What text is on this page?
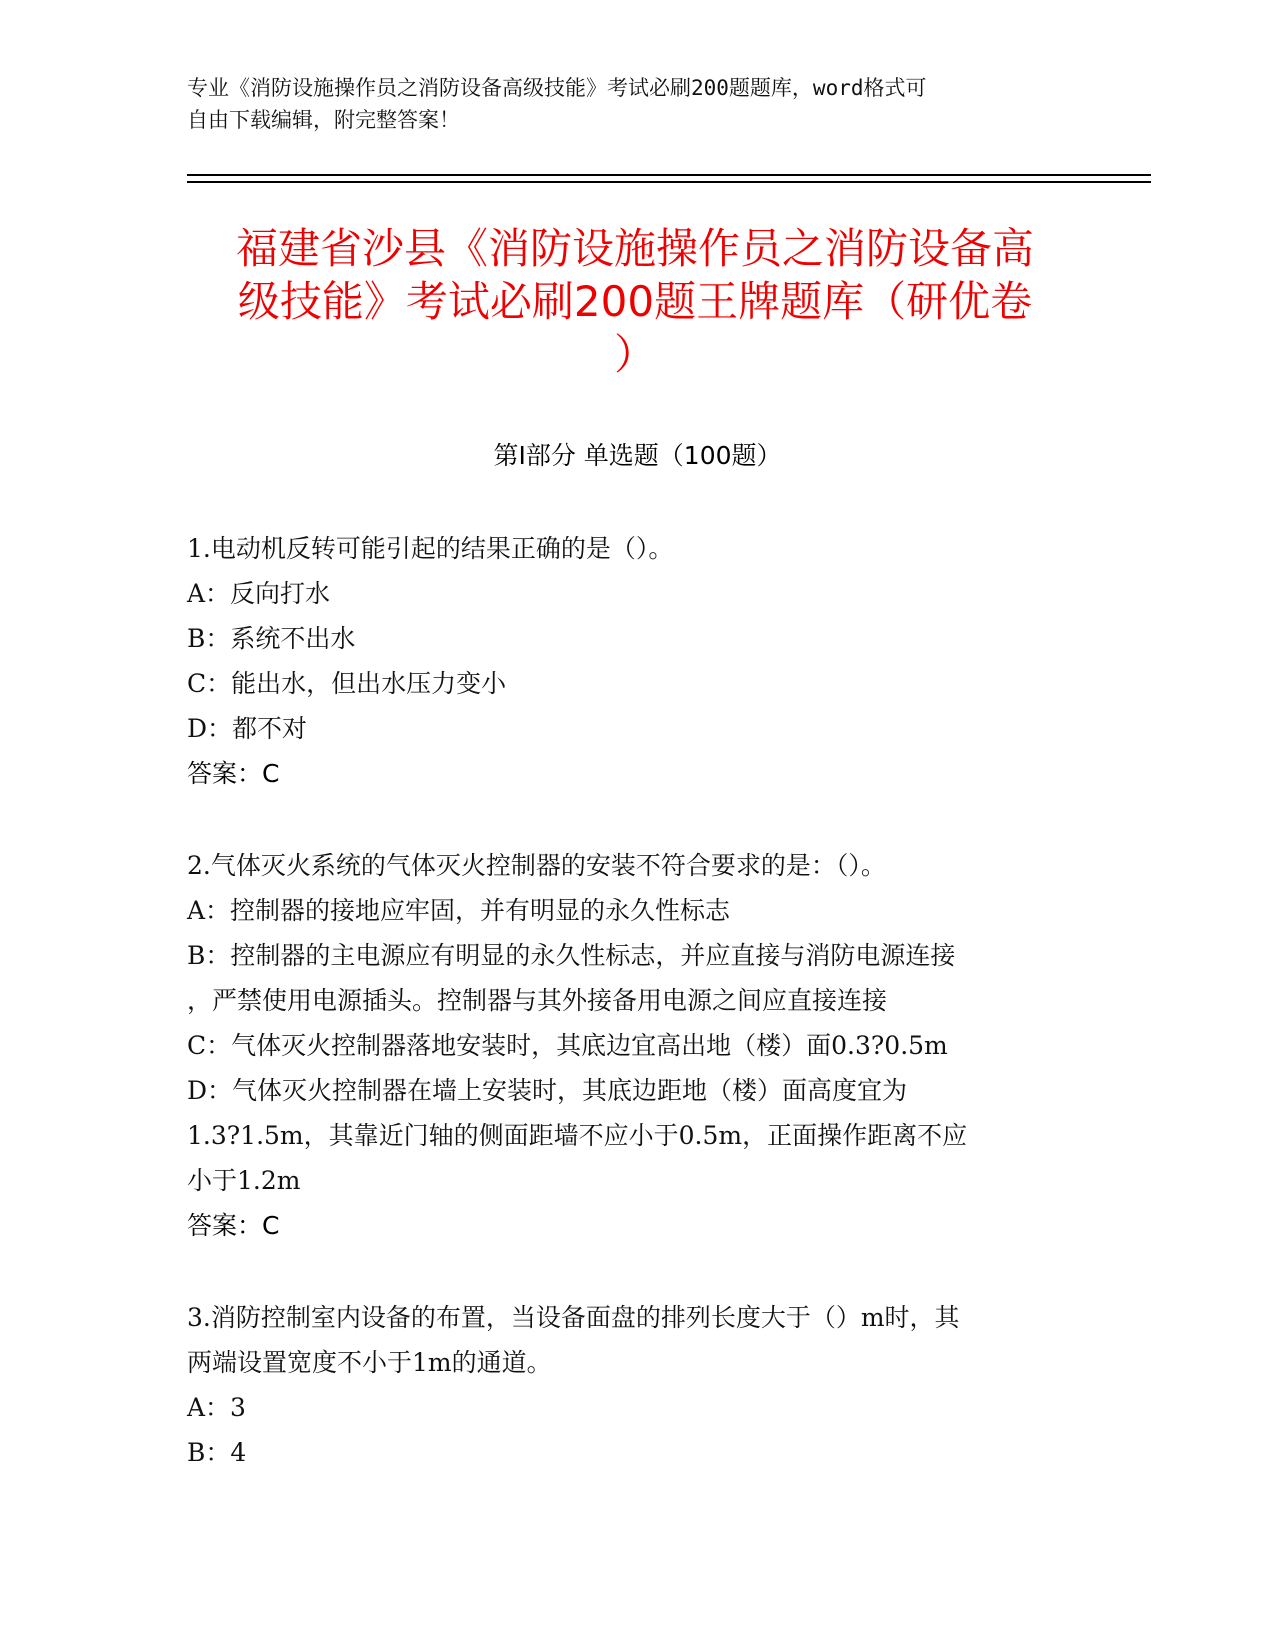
专业《消防设施操作员之消防设备高级技能》考试必刷200题题库，word格式可
自由下载编辑，附完整答案！
福建省沙县《消防设施操作员之消防设备高
级技能》考试必刷200题王牌题库（研优卷
）
第Ⅰ部分 单选题（100题）

1.电动机反转可能引起的结果正确的是（）。

A：反向打水

B：系统不出水

C：能出水，但出水压力变小

D：都不对

答案：C

2.气体灭火系统的气体灭火控制器的安装不符合要求的是：（）。

A：控制器的接地应牢固，并有明显的永久性标志

B：控制器的主电源应有明显的永久性标志，并应直接与消防电源连接

，严禁使用电源插头。控制器与其外接备用电源之间应直接连接

C：气体灭火控制器落地安装时，其底边宜高出地（楼）面0.3?0.5m

D：气体灭火控制器在墙上安装时，其底边距地（楼）面高度宜为

1.3?1.5m，其靠近门轴的侧面距墙不应小于0.5m，正面操作距离不应

小于1.2m

答案：C

3.消防控制室内设备的布置，当设备面盘的排列长度大于（）m时，其

两端设置宽度不小于1m的通道。

A：3

B：4
